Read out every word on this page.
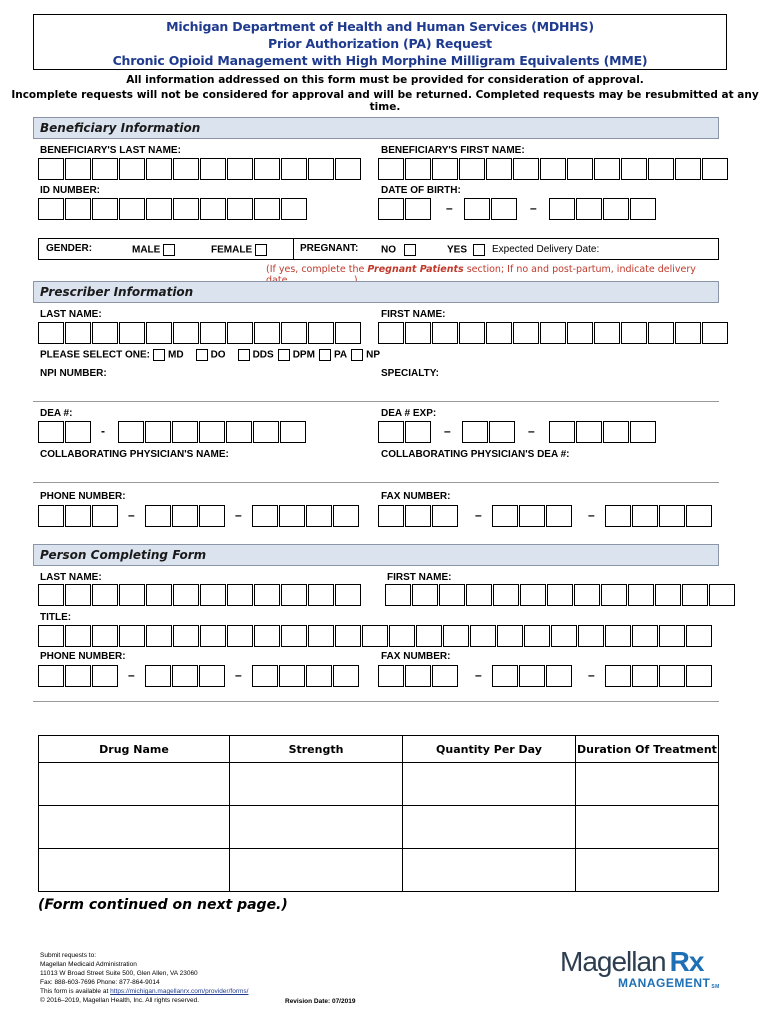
Michigan Department of Health and Human Services (MDHHS)
Prior Authorization (PA) Request
Chronic Opioid Management with High Morphine Milligram Equivalents (MME)
All information addressed on this form must be provided for consideration of approval.
Incomplete requests will not be considered for approval and will be returned. Completed requests may be resubmitted at any time.
Beneficiary Information
BENEFICIARY'S LAST NAME:	BENEFICIARY'S FIRST NAME:
ID NUMBER:	DATE OF BIRTH:
–	–
GENDER:	MALE	FEMALE	PREGNANT: NO	YES	Expected Delivery Date:
(If yes, complete the Pregnant Patients section; If no and post-partum, indicate delivery
Prescriber Information
LAST NAME:	FIRST NAME:
PLEASE SELECT ONE: MD	DO	DDS DPM PA NP
NPI NUMBER:	SPECIALTY:
DEA #:	DEA # EXP:
-	–	–
COLLABORATING PHYSICIAN'S NAME:	COLLABORATING PHYSICIAN'S DEA #:
PHONE NUMBER:	FAX NUMBER:
–	–	–	–
Person Completing Form
LAST NAME:	FIRST NAME:
TITLE:
PHONE NUMBER:	FAX NUMBER:
–	–	–	–
Drug Name	Strength	Quantity Per Day	Duration Of Treatment

(Form continued on next page.)
Submit requests to:
Magellan Medicaid Administration
11013 W Broad Street Suite 500, Glen Allen, VA 23060
Fax: 888-603-7696 Phone: 877-864-9014
This form is available at https://michigan.magellanrx.com/provider/forms/
© 2016–2019, Magellan Health, Inc. All rights reserved.	Revision Date: 07/2019
Magellan Rx
MANAGEMENTSM
